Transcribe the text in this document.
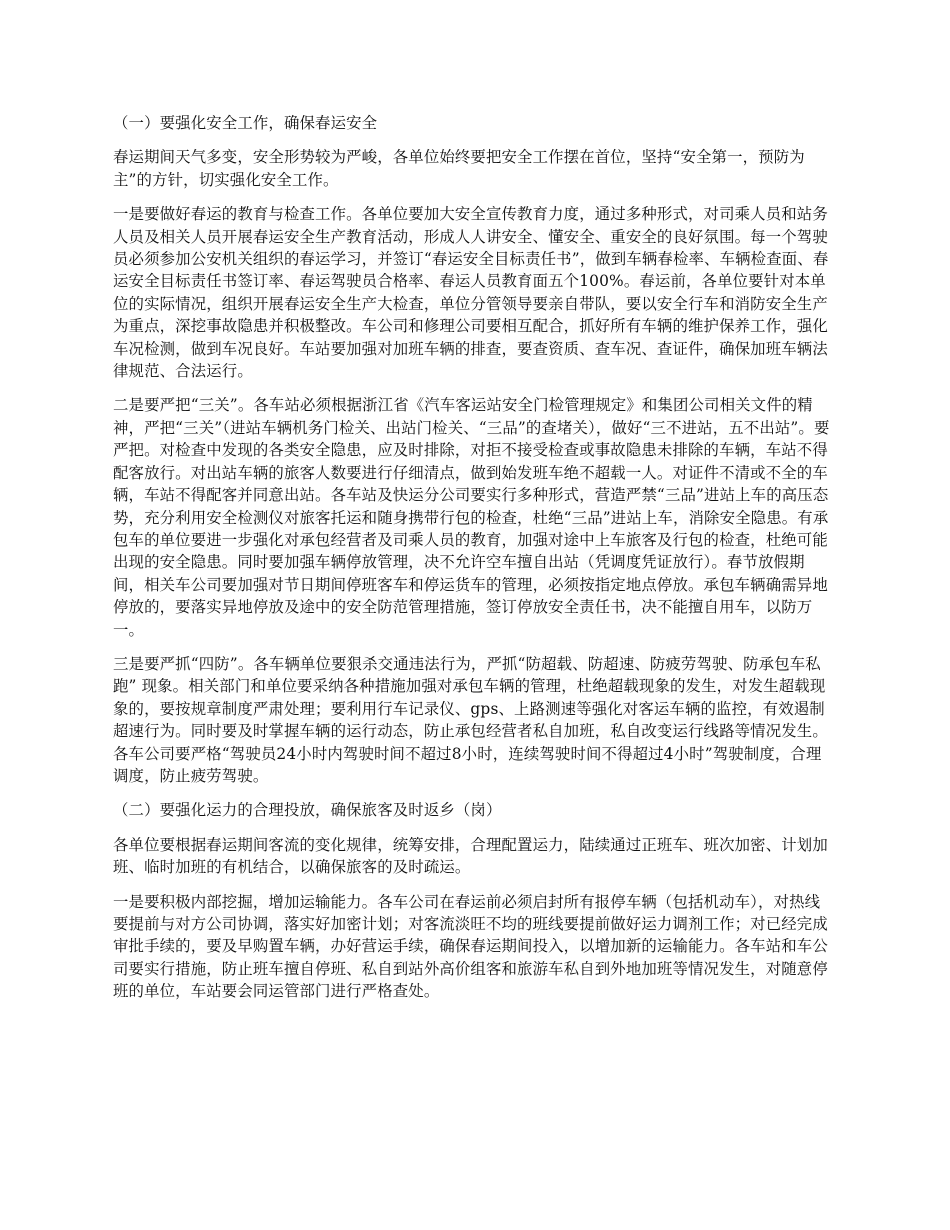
（一）要强化安全工作，确保春运安全

春运期间天气多变，安全形势较为严峻，各单位始终要把安全工作摆在首位，坚持“安全第一，预防为主”的方针，切实强化安全工作。

一是要做好春运的教育与检查工作。各单位要加大安全宣传教育力度，通过多种形式，对司乘人员和站务人员及相关人员开展春运安全生产教育活动，形成人人讲安全、懂安全、重安全的良好氛围。每一个驾驶员必须参加公安机关组织的春运学习，并签订“春运安全目标责任书”，做到车辆春检率、车辆检查面、春运安全目标责任书签订率、春运驾驶员合格率、春运人员教育面五个100%。春运前，各单位要针对本单位的实际情况，组织开展春运安全生产大检查，单位分管领导要亲自带队，要以安全行车和消防安全生产为重点，深挖事故隐患并积极整改。车公司和修理公司要相互配合，抓好所有车辆的维护保养工作，强化车况检测，做到车况良好。车站要加强对加班车辆的排查，要查资质、查车况、查证件，确保加班车辆法律规范、合法运行。

二是要严把“三关”。各车站必须根据浙江省《汽车客运站安全门检管理规定》和集团公司相关文件的精神，严把“三关”（进站车辆机务门检关、出站门检关、“三品”的查堵关），做好“三不进站，五不出站”。要严把。对检查中发现的各类安全隐患，应及时排除，对拒不接受检查或事故隐患未排除的车辆，车站不得配客放行。对出站车辆的旅客人数要进行仔细清点，做到始发班车绝不超载一人。对证件不清或不全的车辆，车站不得配客并同意出站。各车站及快运分公司要实行多种形式，营造严禁“三品”进站上车的高压态势，充分利用安全检测仪对旅客托运和随身携带行包的检查，杜绝“三品”进站上车，消除安全隐患。有承包车的单位要进一步强化对承包经营者及司乘人员的教育，加强对途中上车旅客及行包的检查，杜绝可能出现的安全隐患。同时要加强车辆停放管理，决不允许空车擅自出站（凭调度凭证放行）。春节放假期间，相关车公司要加强对节日期间停班客车和停运货车的管理，必须按指定地点停放。承包车辆确需异地停放的，要落实异地停放及途中的安全防范管理措施，签订停放安全责任书，决不能擅自用车，以防万一。

三是要严抓“四防”。各车辆单位要狠杀交通违法行为，严抓“防超载、防超速、防疲劳驾驶、防承包车私跑” 现象。相关部门和单位要采纳各种措施加强对承包车辆的管理，杜绝超载现象的发生，对发生超载现象的，要按规章制度严肃处理；要利用行车记录仪、gps、上路测速等强化对客运车辆的监控，有效遏制超速行为。同时要及时掌握车辆的运行动态，防止承包经营者私自加班，私自改变运行线路等情况发生。各车公司要严格“驾驶员24小时内驾驶时间不超过8小时，连续驾驶时间不得超过4小时”驾驶制度，合理调度，防止疲劳驾驶。

（二）要强化运力的合理投放，确保旅客及时返乡（岗）

各单位要根据春运期间客流的变化规律，统筹安排，合理配置运力，陆续通过正班车、班次加密、计划加班、临时加班的有机结合，以确保旅客的及时疏运。

一是要积极内部挖掘，增加运输能力。各车公司在春运前必须启封所有报停车辆（包括机动车），对热线要提前与对方公司协调，落实好加密计划；对客流淡旺不均的班线要提前做好运力调剂工作；对已经完成审批手续的，要及早购置车辆，办好营运手续，确保春运期间投入，以增加新的运输能力。各车站和车公司要实行措施，防止班车擅自停班、私自到站外高价组客和旅游车私自到外地加班等情况发生，对随意停班的单位，车站要会同运管部门进行严格查处。
